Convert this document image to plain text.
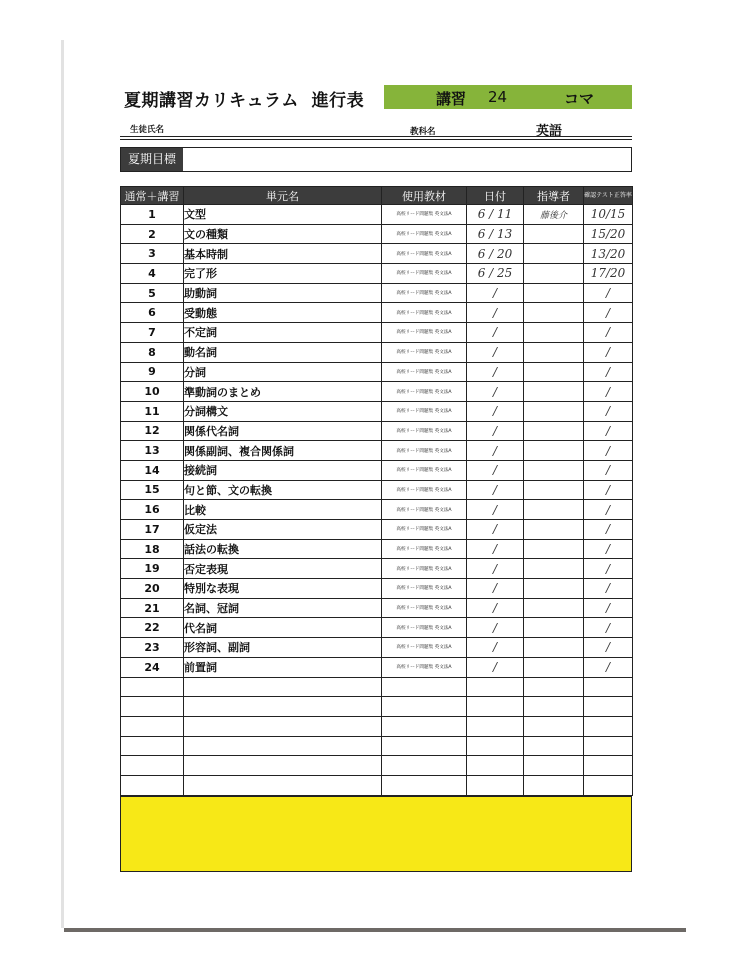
夏期講習カリキュラム  進行表	講習 24	コマ
生徒氏名	教科名	英語
夏期目標
通常＋講習	単元名	使用教材	日付	指導者	確認テスト正答率
1	文型	高校リード問題集 英文法A	6 / 11	藤後介	10/15
2	文の種類	高校リード問題集 英文法A	6 / 13		15/20
3	基本時制	高校リード問題集 英文法A	6 / 20		13/20
4	完了形	高校リード問題集 英文法A	6 / 25		17/20
5	助動詞	高校リード問題集 英文法A	/		/
6	受動態	高校リード問題集 英文法A	/		/
7	不定詞	高校リード問題集 英文法A	/		/
8	動名詞	高校リード問題集 英文法A	/		/
9	分詞	高校リード問題集 英文法A	/		/
10	準動詞のまとめ	高校リード問題集 英文法A	/		/
11	分詞構文	高校リード問題集 英文法A	/		/
12	関係代名詞	高校リード問題集 英文法A	/		/
13	関係副詞、複合関係詞	高校リード問題集 英文法A	/		/
14	接続詞	高校リード問題集 英文法A	/		/
15	句と節、文の転換	高校リード問題集 英文法A	/		/
16	比較	高校リード問題集 英文法A	/		/
17	仮定法	高校リード問題集 英文法A	/		/
18	話法の転換	高校リード問題集 英文法A	/		/
19	否定表現	高校リード問題集 英文法A	/		/
20	特別な表現	高校リード問題集 英文法A	/		/
21	名詞、冠詞	高校リード問題集 英文法A	/		/
22	代名詞	高校リード問題集 英文法A	/		/
23	形容詞、副詞	高校リード問題集 英文法A	/		/
24	前置詞	高校リード問題集 英文法A	/		/
